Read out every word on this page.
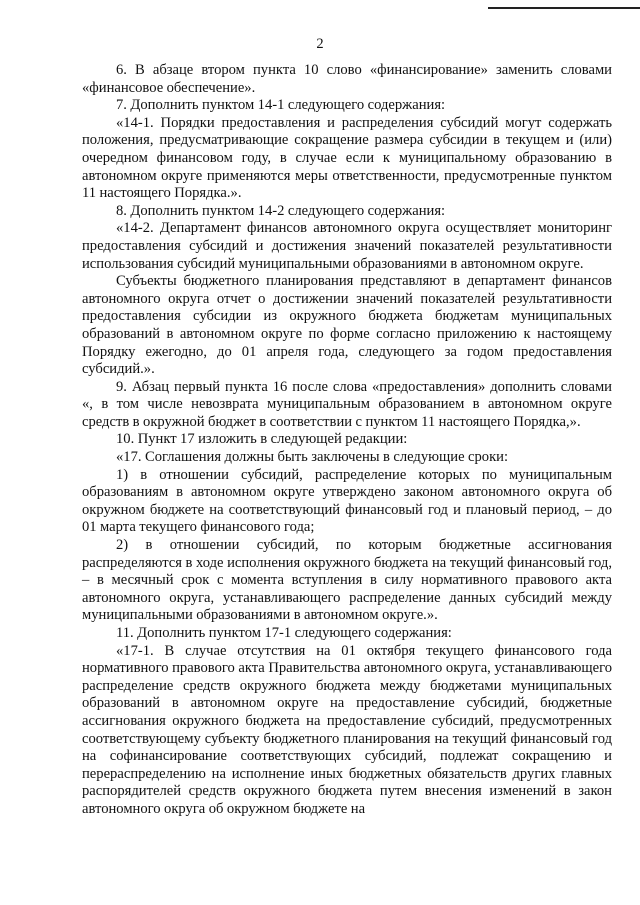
2

6. В абзаце втором пункта 10 слово «финансирование» заменить словами «финансовое обеспечение».

7. Дополнить пунктом 14-1 следующего содержания:

«14-1. Порядки предоставления и распределения субсидий могут содержать положения, предусматривающие сокращение размера субсидии в текущем и (или) очередном финансовом году, в случае если к муниципальному образованию в автономном округе применяются меры ответственности, предусмотренные пунктом 11 настоящего Порядка.».

8. Дополнить пунктом 14-2 следующего содержания:

«14-2. Департамент финансов автономного округа осуществляет мониторинг предоставления субсидий и достижения значений показателей результативности использования субсидий муниципальными образованиями в автономном округе.

Субъекты бюджетного планирования представляют в департамент финансов автономного округа отчет о достижении значений показателей результативности предоставления субсидии из окружного бюджета бюджетам муниципальных образований в автономном округе по форме согласно приложению к настоящему Порядку ежегодно, до 01 апреля года, следующего за годом предоставления субсидий.».

9. Абзац первый пункта 16 после слова «предоставления» дополнить словами «, в том числе невозврата муниципальным образованием в автономном округе средств в окружной бюджет в соответствии с пунктом 11 настоящего Порядка,».

10. Пункт 17 изложить в следующей редакции:

«17. Соглашения должны быть заключены в следующие сроки:

1) в отношении субсидий, распределение которых по муниципальным образованиям в автономном округе утверждено законом автономного округа об окружном бюджете на соответствующий финансовый год и плановый период, – до 01 марта текущего финансового года;

2) в отношении субсидий, по которым бюджетные ассигнования распределяются в ходе исполнения окружного бюджета на текущий финансовый год, – в месячный срок с момента вступления в силу нормативного правового акта автономного округа, устанавливающего распределение данных субсидий между муниципальными образованиями в автономном округе.».

11. Дополнить пунктом 17-1 следующего содержания:

«17-1. В случае отсутствия на 01 октября текущего финансового года нормативного правового акта Правительства автономного округа, устанавливающего распределение средств окружного бюджета между бюджетами муниципальных образований в автономном округе на предоставление субсидий, бюджетные ассигнования окружного бюджета на предоставление субсидий, предусмотренных соответствующему субъекту бюджетного планирования на текущий финансовый год на софинансирование соответствующих субсидий, подлежат сокращению и перераспределению на исполнение иных бюджетных обязательств других главных распорядителей средств окружного бюджета путем внесения изменений в закон автономного округа об окружном бюджете на
